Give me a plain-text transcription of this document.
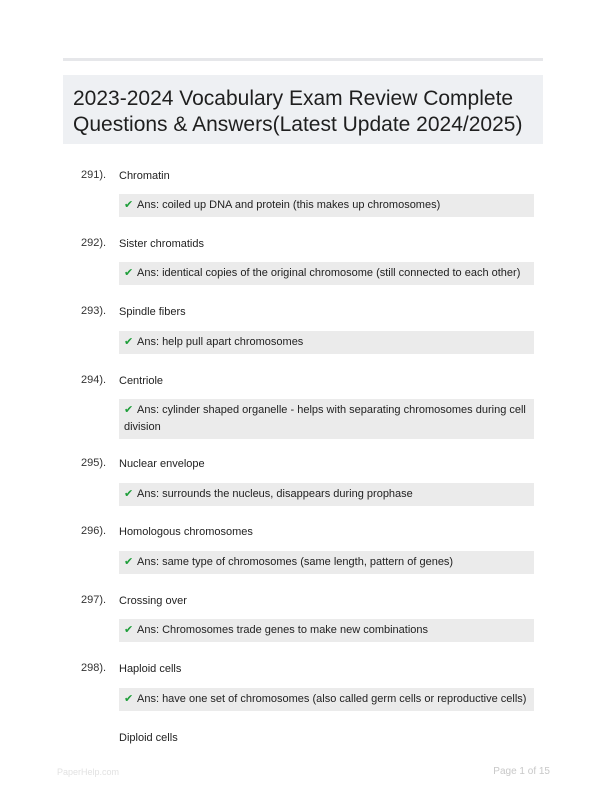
2023-2024 Vocabulary Exam Review Complete
Questions & Answers(Latest Update 2024/2025)
291). Chromatin
✔ Ans: coiled up DNA and protein (this makes up chromosomes)
292). Sister chromatids
✔ Ans: identical copies of the original chromosome (still connected to each other)
293). Spindle fibers
✔ Ans: help pull apart chromosomes
294). Centriole
✔ Ans: cylinder shaped organelle - helps with separating chromosomes during cell division
295). Nuclear envelope
✔ Ans: surrounds the nucleus, disappears during prophase
296). Homologous chromosomes
✔ Ans: same type of chromosomes (same length, pattern of genes)
297). Crossing over
✔ Ans: Chromosomes trade genes to make new combinations
298). Haploid cells
✔ Ans: have one set of chromosomes (also called germ cells or reproductive cells)
Diploid cells
PaperHelp.com	Page 1 of 15
